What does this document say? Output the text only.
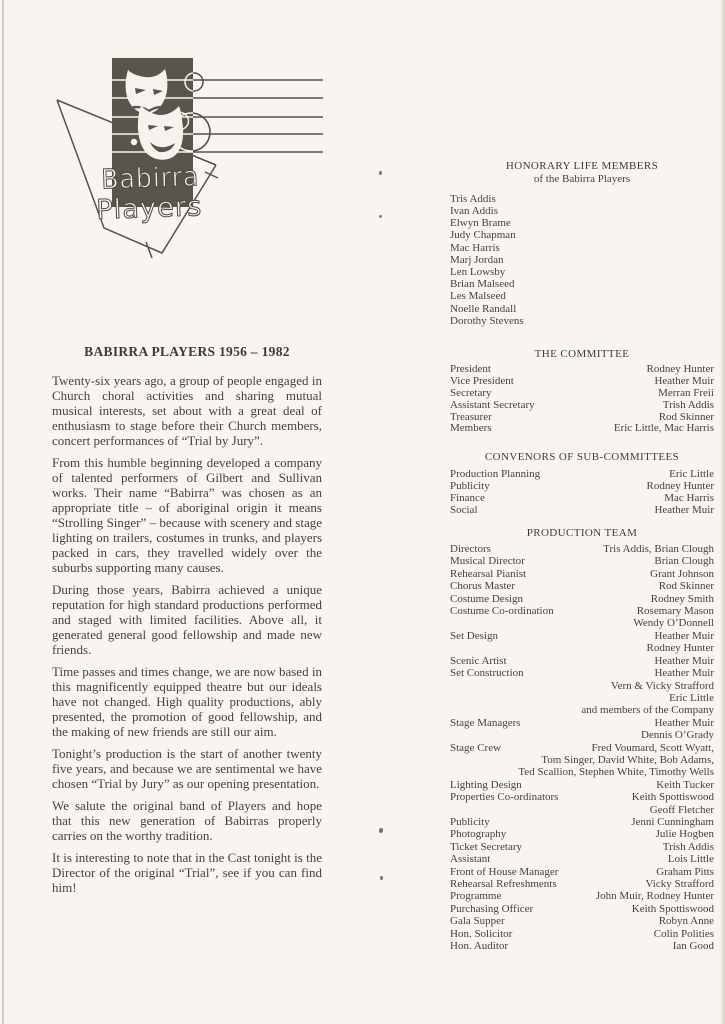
Babirra
Players
BABIRRA PLAYERS 1956 – 1982

Twenty-six years ago, a group of people engaged in Church choral activities and sharing mutual musical interests, set about with a great deal of enthusiasm to stage before their Church members, concert performances of “Trial by Jury”.

From this humble beginning developed a company of talented performers of Gilbert and Sullivan works. Their name “Babirra” was chosen as an appropriate title – of aboriginal origin it means “Strolling Singer” – because with scenery and stage lighting on trailers, costumes in trunks, and players packed in cars, they travelled widely over the suburbs supporting many causes.

During those years, Babirra achieved a unique reputation for high standard productions performed and staged with limited facilities. Above all, it generated general good fellowship and made new friends.

Time passes and times change, we are now based in this magnificently equipped theatre but our ideals have not changed. High quality productions, ably presented, the promotion of good fellowship, and the making of new friends are still our aim.

Tonight’s production is the start of another twenty five years, and because we are sentimental we have chosen “Trial by Jury” as our opening presentation.

We salute the original band of Players and hope that this new generation of Babirras properly carries on the worthy tradition.

It is interesting to note that in the Cast tonight is the Director of the original “Trial”, see if you can find him!

HONORARY LIFE MEMBERS
of the Babirra Players
Tris Addis
Ivan Addis
Elwyn Brame
Judy Chapman
Mac Harris
Marj Jordan
Len Lowsby
Brian Malseed
Les Malseed
Noelle Randall
Dorothy Stevens
THE COMMITTEE
President	Rodney Hunter
Vice President	Heather Muir
Secretary	Merran Freii
Assistant Secretary	Trish Addis
Treasurer	Rod Skinner
Members	Eric Little, Mac Harris
CONVENORS OF SUB-COMMITTEES
Production Planning	Eric Little
Publicity	Rodney Hunter
Finance	Mac Harris
Social	Heather Muir
PRODUCTION TEAM
Directors	Tris Addis, Brian Clough
Musical Director	Brian Clough
Rehearsal Pianist	Grant Johnson
Chorus Master	Rod Skinner
Costume Design	Rodney Smith
Costume Co-ordination	Rosemary Mason
Wendy O’Donnell
Set Design	Heather Muir
Rodney Hunter
Scenic Artist	Heather Muir
Set Construction	Heather Muir
Vern & Vicky Strafford
Eric Little
and members of the Company
Stage Managers	Heather Muir
Dennis O’Grady
Stage Crew	Fred Voumard, Scott Wyatt,
Tom Singer, David White, Bob Adams,
Ted Scallion, Stephen White, Timothy Wells
Lighting Design	Keith Tucker
Properties Co-ordinators	Keith Spottiswood
Geoff Fletcher
Publicity	Jenni Cunningham
Photography	Julie Hogben
Ticket Secretary	Trish Addis
Assistant	Lois Little
Front of House Manager	Graham Pitts
Rehearsal Refreshments	Vicky Strafford
Programme	John Muir, Rodney Hunter
Purchasing Officer	Keith Spottiswood
Gala Supper	Robyn Anne
Hon. Solicitor	Colin Polities
Hon. Auditor	Ian Good
